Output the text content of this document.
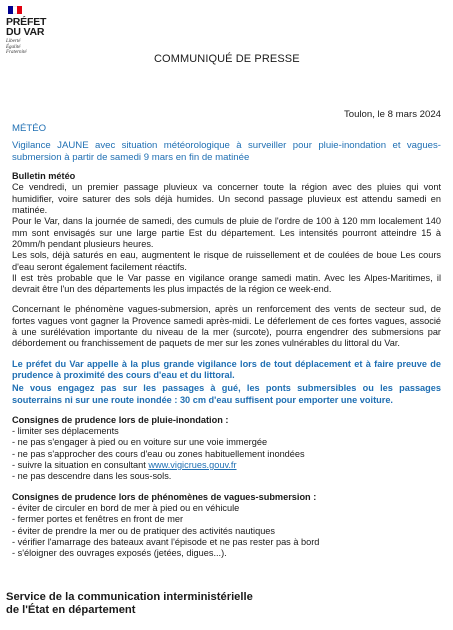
PRÉFET
DU VAR
Liberté
Égalité
Fraternité
COMMUNIQUÉ DE PRESSE
Toulon, le 8 mars 2024
MÉTÉO

Vigilance JAUNE avec situation météorologique à surveiller pour pluie-inondation et vagues-submersion à partir de samedi 9 mars en fin de matinée

Bulletin météo

Ce vendredi, un premier passage pluvieux va concerner toute la région avec des pluies qui vont humidifier, voire saturer des sols déjà humides. Un second passage pluvieux est attendu samedi en matinée.

Pour le Var, dans la journée de samedi, des cumuls de pluie de l'ordre de 100 à 120 mm localement 140 mm sont envisagés sur une large partie Est du département. Les intensités pourront atteindre 15 à 20mm/h pendant plusieurs heures.

Les sols, déjà saturés en eau, augmentent le risque de ruissellement et de coulées de boue Les cours d'eau seront également facilement réactifs.

Il est très probable que le Var passe en vigilance orange samedi matin. Avec les Alpes-Maritimes, il devrait être l'un des départements les plus impactés de la région ce week-end.

Concernant le phénomène vagues-submersion, après un renforcement des vents de secteur sud, de fortes vagues vont gagner la Provence samedi après-midi. Le déferlement de ces fortes vagues, associé à une surélévation importante du niveau de la mer (surcote), pourra engendrer des submersions par débordement ou franchissement de paquets de mer sur les zones vulnérables du littoral du Var.

Le préfet du Var appelle à la plus grande vigilance lors de tout déplacement et à faire preuve de prudence à proximité des cours d'eau et du littoral.

Ne vous engagez pas sur les passages à gué, les ponts submersibles ou les passages souterrains ni sur une route inondée : 30 cm d'eau suffisent pour emporter une voiture.

Consignes de prudence lors de pluie-inondation :

- limiter ses déplacements
- ne pas s'engager à pied ou en voiture sur une voie immergée
- ne pas s'approcher des cours d'eau ou zones habituellement inondées
- suivre la situation en consultant www.vigicrues.gouv.fr
- ne pas descendre dans les sous-sols.

Consignes de prudence lors de phénomènes de vagues-submersion :

- éviter de circuler en bord de mer à pied ou en véhicule
- fermer portes et fenêtres en front de mer
- éviter de prendre la mer ou de pratiquer des activités nautiques
- vérifier l'amarrage des bateaux avant l'épisode et ne pas rester pas à bord
- s'éloigner des ouvrages exposés (jetées, digues...).
Service de la communication interministérielle
de l'État en département
